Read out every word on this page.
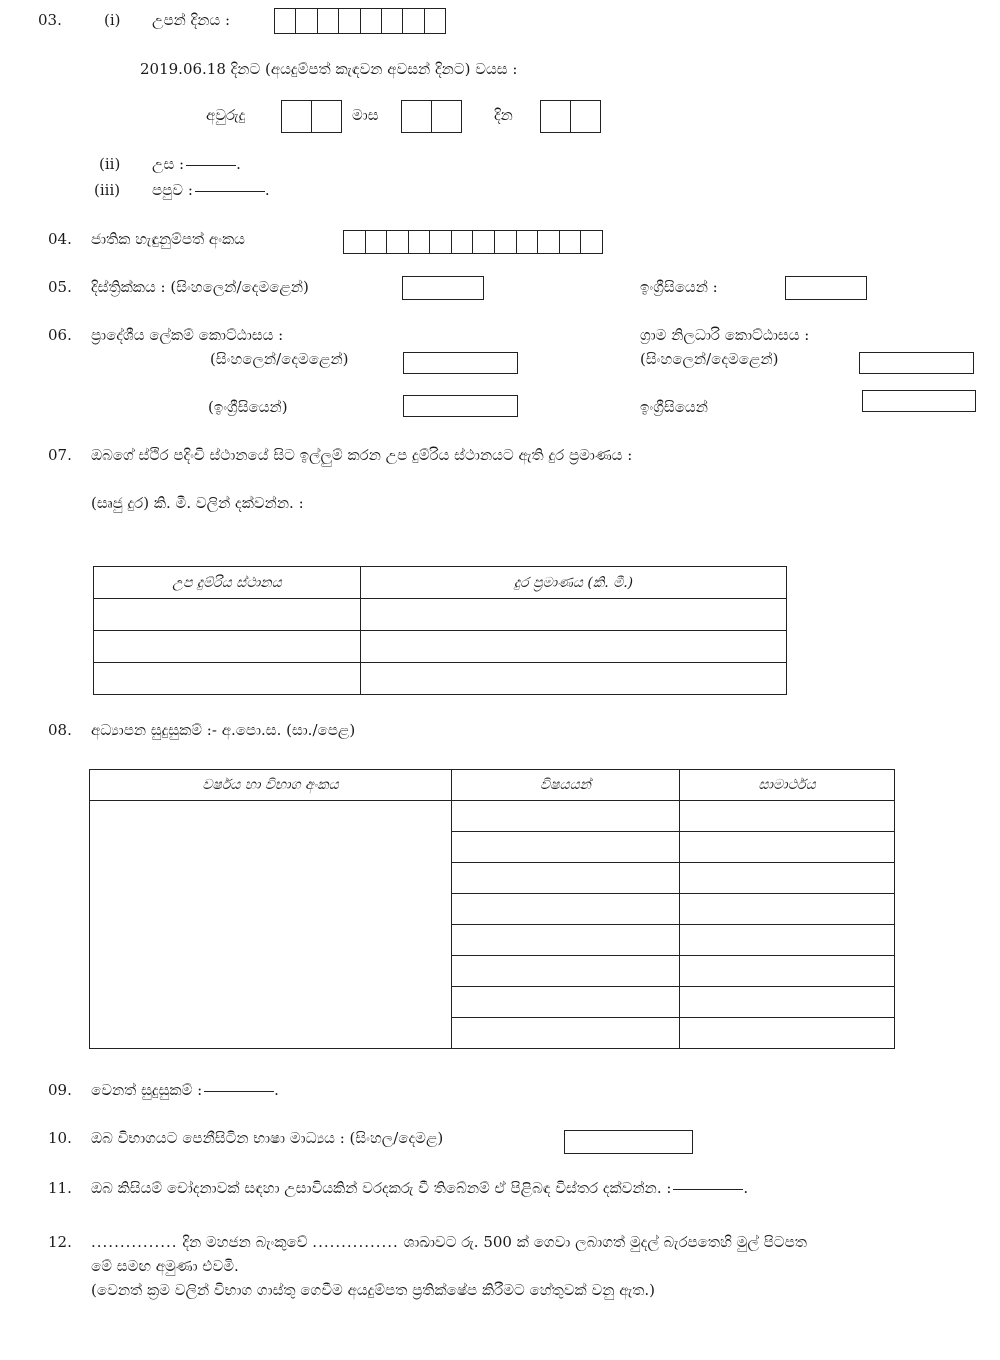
03.	(i) උපන් දිනය :
2019.06.18 දිනට (අයදුම්පත් කැඳවන අවසන් දිනට) වයස :
අවුරුදු	මාස	දින
(ii) උස :	.
(iii) පපුව :	.
04. ජාතික හැඳුනුම්පත් අංකය
05. දිස්ත්‍රික්කය : (සිංහලෙන්/දෙමළෙන්)	ඉංග්‍රීසියෙන් :
06. ප්‍රාදේශීය ලේකම් කොට්ඨාසය :
(සිංහලෙන්/දෙමළෙන්)
(ඉංග්‍රීසියෙන්)
ග්‍රාම නිලධාරි කොට්ඨාසය :
(සිංහලෙන්/දෙමළෙන්)
ඉංග්‍රීසියෙන්
07. ඔබගේ ස්ථිර පදිංචි ස්ථානයේ සිට ඉල්ලුම් කරන උප දුම්රිය ස්ථානයට ඇති දුර ප්‍රමාණය :
(සෘජු දුර) කි. මී. වලින් දක්වන්න. :
උප දුම්රිය ස්ථානය	දුර ප්‍රමාණය (කි. මී.)

08. අධ්‍යාපන සුදුසුකම් :- අ.පො.ස. (සා./පෙළ)
වර්ෂය හා විභාග අංකය	විෂයයන්	සාමාර්ථය

09. වෙනත් සුදුසුකම් :	.
10. ඔබ විභාගයට පෙනීසිටින භාෂා මාධ්‍යය : (සිංහල/දෙමළ)
11. ඔබ කිසියම් චෝදනාවක් සඳහා උසාවියකින් වරදකරු වී තිබේනම් ඒ පිළිබඳ විස්තර දක්වන්න. :	.
12. ............... දින මහජන බැංකුවේ ............... ශාඛාවට රු. 500 ක් ගෙවා ලබාගත් මුදල් බැරපතෙහි මුල් පිටපත
මේ සමඟ අමුණා එවමි.
(වෙනත් ක්‍රම වලින් විභාග ගාස්තු ගෙවීම අයදුම්පත ප්‍රතික්ෂේප කිරීමට හේතුවක් වනු ඇත.)
